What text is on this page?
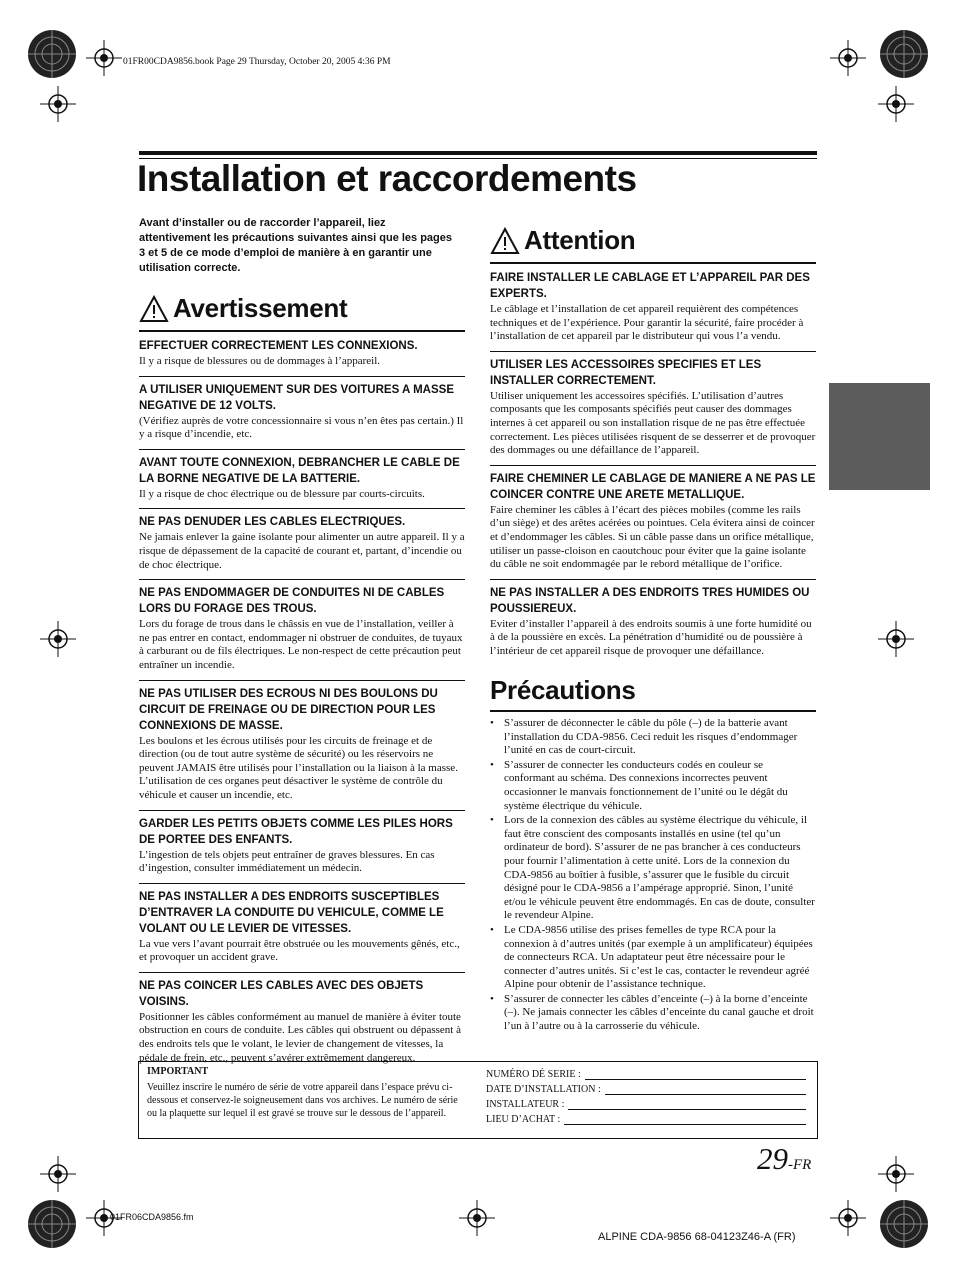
01FR00CDA9856.book Page 29 Thursday, October 20, 2005 4:36 PM
Installation et raccordements
Avant d’installer ou de raccorder l’appareil, liez attentivement les précautions suivantes ainsi que les pages 3 et 5 de ce mode d’emploi de manière à en garantir une utilisation correcte.
Avertissement
EFFECTUER CORRECTEMENT LES CONNEXIONS.
Il y a risque de blessures ou de dommages à l’appareil.
A UTILISER UNIQUEMENT SUR DES VOITURES A MASSE NEGATIVE DE 12 VOLTS.
(Vérifiez auprès de votre concessionnaire si vous n’en êtes pas certain.) Il y a risque d’incendie, etc.
AVANT TOUTE CONNEXION, DEBRANCHER LE CABLE DE LA BORNE NEGATIVE DE LA BATTERIE.
Il y a risque de choc électrique ou de blessure par courts-circuits.
NE PAS DENUDER LES CABLES ELECTRIQUES.
Ne jamais enlever la gaine isolante pour alimenter un autre appareil. Il y a risque de dépassement de la capacité de courant et, partant, d’incendie ou de choc électrique.
NE PAS ENDOMMAGER DE CONDUITES NI DE CABLES LORS DU FORAGE DES TROUS.
Lors du forage de trous dans le châssis en vue de l’installation, veiller à ne pas entrer en contact, endommager ni obstruer de conduites, de tuyaux à carburant ou de fils électriques. Le non-respect de cette précaution peut entraîner un incendie.
NE PAS UTILISER DES ECROUS NI DES BOULONS DU CIRCUIT DE FREINAGE OU DE DIRECTION POUR LES CONNEXIONS DE MASSE.
Les boulons et les écrous utilisés pour les circuits de freinage et de direction (ou de tout autre système de sécurité) ou les réservoirs ne peuvent JAMAIS être utilisés pour l’installation ou la liaison à la masse. L’utilisation de ces organes peut désactiver le système de contrôle du véhicule et causer un incendie, etc.
GARDER LES PETITS OBJETS COMME LES PILES HORS DE PORTEE DES ENFANTS.
L’ingestion de tels objets peut entraîner de graves blessures. En cas d’ingestion, consulter immédiatement un médecin.
NE PAS INSTALLER A DES ENDROITS SUSCEPTIBLES D’ENTRAVER LA CONDUITE DU VEHICULE, COMME LE VOLANT OU LE LEVIER DE VITESSES.
La vue vers l’avant pourrait être obstruée ou les mouvements gênés, etc., et provoquer un accident grave.
NE PAS COINCER LES CABLES AVEC DES OBJETS VOISINS.
Positionner les câbles conformément au manuel de manière à éviter toute obstruction en cours de conduite. Les câbles qui obstruent ou dépassent à des endroits tels que le volant, le levier de changement de vitesses, la pédale de frein, etc., peuvent s’avérer extrêmement dangereux.
Attention
FAIRE INSTALLER LE CABLAGE ET L’APPAREIL PAR DES EXPERTS.
Le câblage et l’installation de cet appareil requièrent des compétences techniques et de l’expérience. Pour garantir la sécurité, faire procéder à l’installation de cet appareil par le distributeur qui vous l’a vendu.
UTILISER LES ACCESSOIRES SPECIFIES ET LES INSTALLER CORRECTEMENT.
Utiliser uniquement les accessoires spécifiés. L’utilisation d’autres composants que les composants spécifiés peut causer des dommages internes à cet appareil ou son installation risque de ne pas être effectuée correctement. Les pièces utilisées risquent de se desserrer et de provoquer des dommages ou une défaillance de l’appareil.
FAIRE CHEMINER LE CABLAGE DE MANIERE A NE PAS LE COINCER CONTRE UNE ARETE METALLIQUE.
Faire cheminer les câbles à l’écart des pièces mobiles (comme les rails d’un siège) et des arêtes acérées ou pointues. Cela évitera ainsi de coincer et d’endommager les câbles. Si un câble passe dans un orifice métallique, utiliser un passe-cloison en caoutchouc pour éviter que la gaine isolante du câble ne soit endommagée par le rebord métallique de l’orifice.
NE PAS INSTALLER A DES ENDROITS TRES HUMIDES OU POUSSIEREUX.
Eviter d’installer l’appareil à des endroits soumis à une forte humidité ou à de la poussière en excès. La pénétration d’humidité ou de poussière à l’intérieur de cet appareil risque de provoquer une défaillance.
Précautions
• S’assurer de déconnecter le câble du pôle (–) de la batterie avant l’installation du CDA-9856. Ceci reduit les risques d’endommager l’unité en cas de court-circuit.
• S’assurer de connecter les conducteurs codés en couleur se conformant au schéma. Des connexions incorrectes peuvent occasionner le manvais fonctionnement de l’unité ou le dégât du système électrique du véhicule.
• Lors de la connexion des câbles au système électrique du véhicule, il faut être conscient des composants installés en usine (tel qu’un ordinateur de bord). S’assurer de ne pas brancher à ces conducteurs pour fournir l’alimentation à cette unité. Lors de la connexion du CDA-9856 au boîtier à fusible, s’assurer que le fusible du circuit désigné pour le CDA-9856 a l’ampérage approprié. Sinon, l’unité et/ou le véhicule peuvent être endommagés. En cas de doute, consulter le revendeur Alpine.
• Le CDA-9856 utilise des prises femelles de type RCA pour la connexion à d’autres unités (par exemple à un amplificateur) équipées de connecteurs RCA. Un adaptateur peut être nécessaire pour le connecter d’autres unités. Si c’est le cas, contacter le revendeur agréé Alpine pour obtenir de l’assistance technique.
• S’assurer de connecter les câbles d’enceinte (–) à la borne d’enceinte (–). Ne jamais connecter les câbles d’enceinte du canal gauche et droit l’un à l’autre ou à la carrosserie du véhicule.
IMPORTANT
Veuillez inscrire le numéro de série de votre appareil dans l’espace prévu ci-dessous et conservez-le soigneusement dans vos archives. Le numéro de série ou la plaquette sur lequel il est gravé se trouve sur le dessous de l’appareil.
NUMÉRO DÉ SERIE :
DATE D’INSTALLATION :
INSTALLATEUR :
LIEU D’ACHAT :
29-FR
01FR06CDA9856.fm
ALPINE CDA-9856 68-04123Z46-A (FR)
